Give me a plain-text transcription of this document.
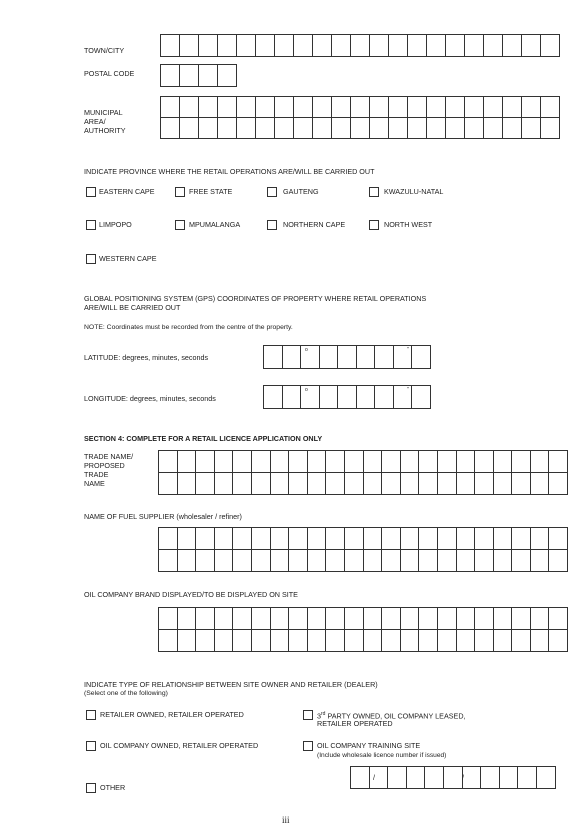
TOWN/CITY

POSTAL CODE

MUNICIPAL
AREA/
AUTHORITY

INDICATE PROVINCE WHERE THE RETAIL OPERATIONS ARE/WILL BE CARRIED OUT
EASTERN CAPE	FREE STATE	GAUTENG	KWAZULU-NATAL
LIMPOPO	MPUMALANGA	NORTHERN CAPE	NORTH WEST
WESTERN CAPE
GLOBAL POSITIONING SYSTEM (GPS) COORDINATES OF PROPERTY WHERE RETAIL OPERATIONS
ARE/WILL BE CARRIED OUT
NOTE: Coordinates must be recorded from the centre of the property.
LATITUDE: degrees, minutes, seconds

o	'	''
LONGITUDE: degrees, minutes, seconds

o	'	''
SECTION 4: COMPLETE FOR A RETAIL LICENCE APPLICATION ONLY
TRADE NAME/
PROPOSED
TRADE
NAME

NAME OF FUEL SUPPLIER (wholesaler / refiner)

OIL COMPANY BRAND DISPLAYED/TO BE DISPLAYED ON SITE

INDICATE TYPE OF RELATIONSHIP BETWEEN SITE OWNER AND RETAILER (DEALER)
(Select one of the following)
RETAILER OWNED, RETAILER OPERATED	3rd PARTY OWNED, OIL COMPANY LEASED,
RETAILER OPERATED
OIL COMPANY OWNED, RETAILER OPERATED	OIL COMPANY TRAINING SITE
(Include wholesale licence number if issued)
OTHER

/	/
iii
